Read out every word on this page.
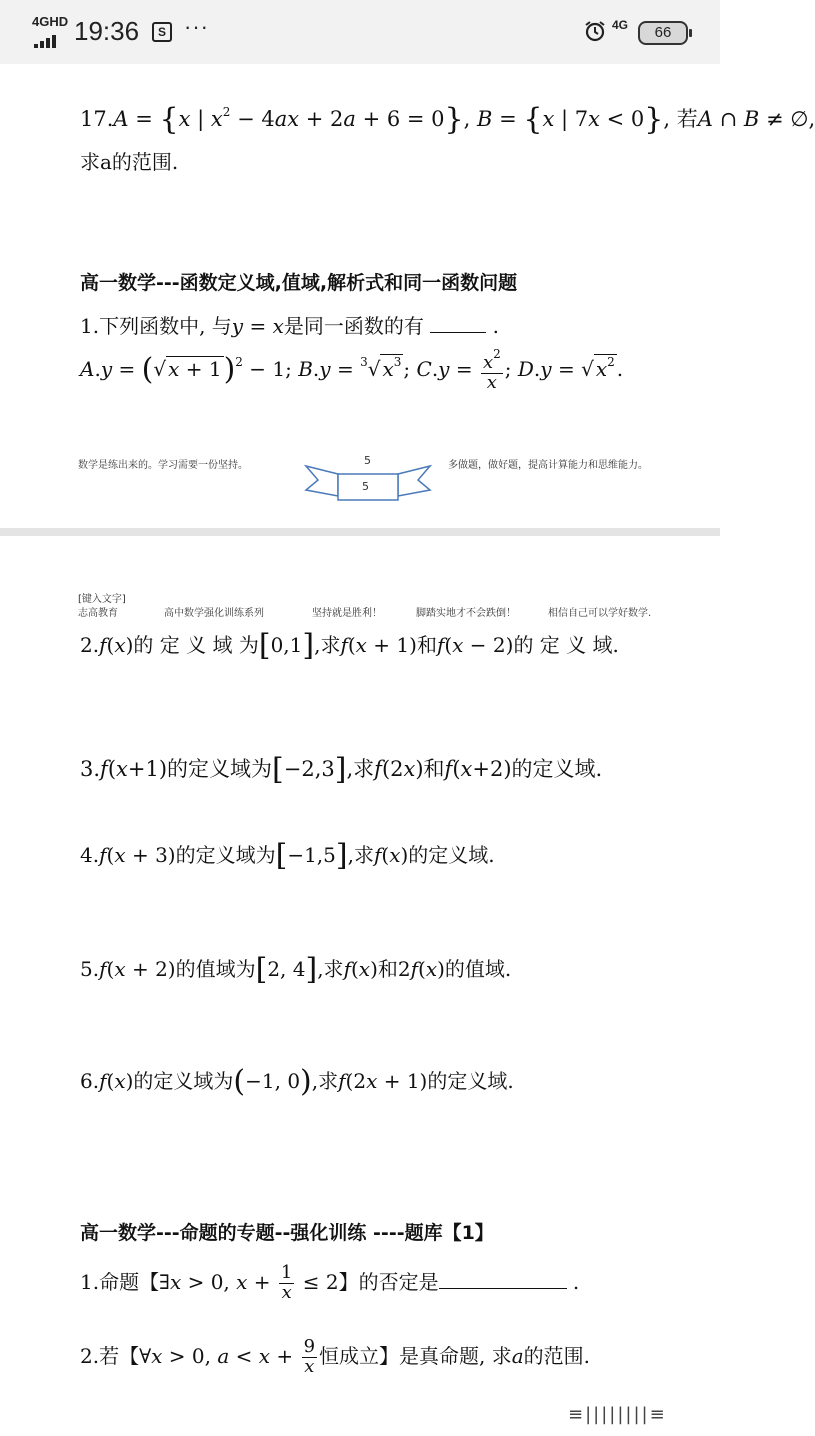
4GHD 19:36	S ···	4G	66
17.A = {x | $x^2 - 4ax + 2a + 6 = 0$}, B = {x | 7x < 0}, 若A ∩ B ≠ ∅,
求a的范围.
高一数学---函数定义域,值域,解析式和同一函数问题
1.下列函数中, 与y = x是同一函数的有	.
A.y = (√ x + 1)$^2$ − 1; B.y = $^3$√ $x^3$ ; $C.y = \frac{x^2}{x}$ ; D.y = √ $x^2$ .
数学是练出来的。学习需要一份坚持。	5	多做题，做好题，提高计算能力和思维能力。
5
[键入文字]
志高教育	高中数学强化训练系列	坚持就是胜利！	脚踏实地才不会跌倒！	相信自己可以学好数学.
2.f(x)的 定 义 域 为[0,1],求f(x + 1)和f(x − 2)的 定 义 域.
3.f(x+1)的定义域为[−2,3],求f(2x)和f(x+2)的定义域.
4.f(x + 3)的定义域为[−1,5],求f(x)的定义域.
5.f(x + 2)的值域为[2, 4],求f(x)和2f(x)的值域.
6.f(x)的定义域为(−1, 0),求f(2x + 1)的定义域.
高一数学---命题的专题--强化训练 ----题库【1】
1.命题【∃x > 0, $x + \frac{1}{x} \le 2$】的否定是	.
2.若【∀x > 0, $a < x + \frac{9}{x}$ 恒成立】是真命题, 求a的范围.
≡||||||||≡
